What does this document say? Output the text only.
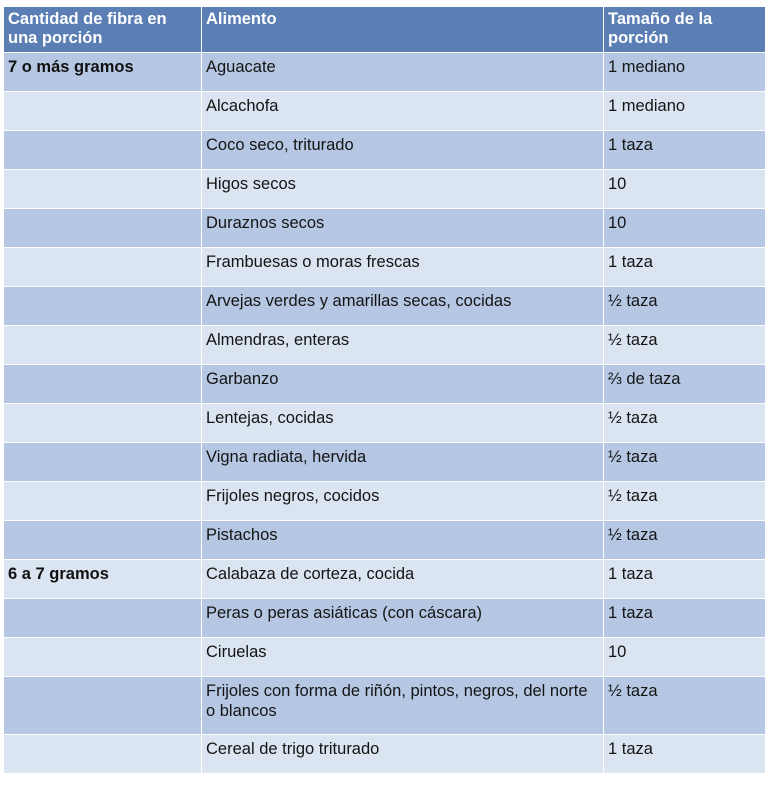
Cantidad de fibra en una porción	Alimento	Tamaño de la porción
7 o más gramos	Aguacate	1 mediano
	Alcachofa	1 mediano
	Coco seco, triturado	1 taza
	Higos secos	10
	Duraznos secos	10
	Frambuesas o moras frescas	1 taza
	Arvejas verdes y amarillas secas, cocidas	½ taza
	Almendras, enteras	½ taza
	Garbanzo	⅔ de taza
	Lentejas, cocidas	½ taza
	Vigna radiata, hervida	½ taza
	Frijoles negros, cocidos	½ taza
	Pistachos	½ taza
6 a 7 gramos	Calabaza de corteza, cocida	1 taza
	Peras o peras asiáticas (con cáscara)	1 taza
	Ciruelas	10
	Frijoles con forma de riñón, pintos, negros, del norte o blancos	½ taza
	Cereal de trigo triturado	1 taza
